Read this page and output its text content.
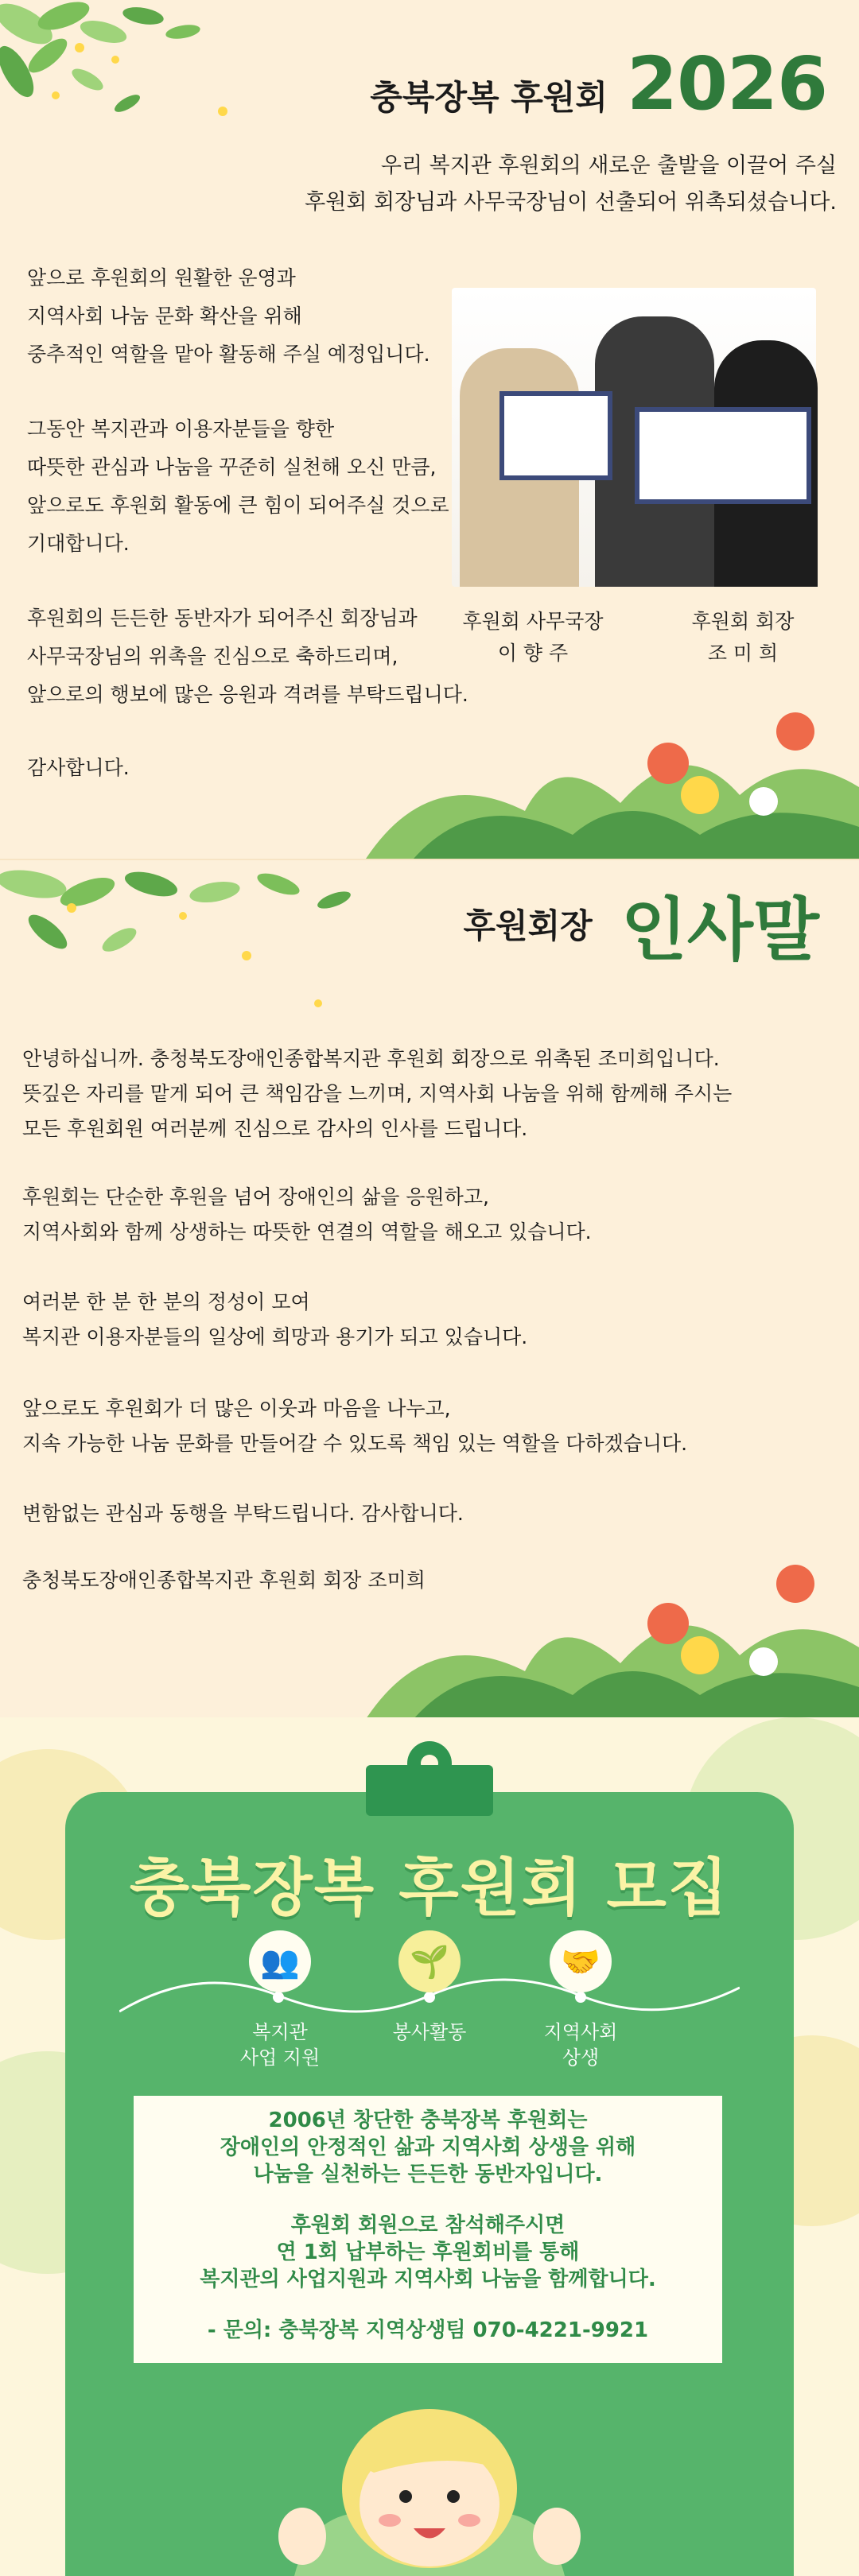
충북장복 후원회 2026
우리 복지관 후원회의 새로운 출발을 이끌어 주실
후원회 회장님과 사무국장님이 선출되어 위촉되셨습니다.
앞으로 후원회의 원활한 운영과
지역사회 나눔 문화 확산을 위해
중추적인 역할을 맡아 활동해 주실 예정입니다.
그동안 복지관과 이용자분들을 향한
따뜻한 관심과 나눔을 꾸준히 실천해 오신 만큼,
앞으로도 후원회 활동에 큰 힘이 되어주실 것으로
기대합니다.
후원회의 든든한 동반자가 되어주신 회장님과
사무국장님의 위촉을 진심으로 축하드리며,
앞으로의 행보에 많은 응원과 격려를 부탁드립니다.
감사합니다.
후원회 사무국장
이 향 주
후원회 회장
조 미 희
후원회장 인사말
안녕하십니까. 충청북도장애인종합복지관 후원회 회장으로 위촉된 조미희입니다.
뜻깊은 자리를 맡게 되어 큰 책임감을 느끼며, 지역사회 나눔을 위해 함께해 주시는
모든 후원회원 여러분께 진심으로 감사의 인사를 드립니다.
후원회는 단순한 후원을 넘어 장애인의 삶을 응원하고,
지역사회와 함께 상생하는 따뜻한 연결의 역할을 해오고 있습니다.
여러분 한 분 한 분의 정성이 모여
복지관 이용자분들의 일상에 희망과 용기가 되고 있습니다.
앞으로도 후원회가 더 많은 이웃과 마음을 나누고,
지속 가능한 나눔 문화를 만들어갈 수 있도록 책임 있는 역할을 다하겠습니다.
변함없는 관심과 동행을 부탁드립니다. 감사합니다.
충청북도장애인종합복지관 후원회 회장 조미희
충북장복 후원회 모집
👥
복지관
사업 지원
🌱
봉사활동
🤝
지역사회
상생
2006년 창단한 충북장복 후원회는
장애인의 안정적인 삶과 지역사회 상생을 위해
나눔을 실천하는 든든한 동반자입니다.
후원회 회원으로 참석해주시면
연 1회 납부하는 후원회비를 통해
복지관의 사업지원과 지역사회 나눔을 함께합니다.
- 문의: 충북장복 지역상생팀 070-4221-9921
